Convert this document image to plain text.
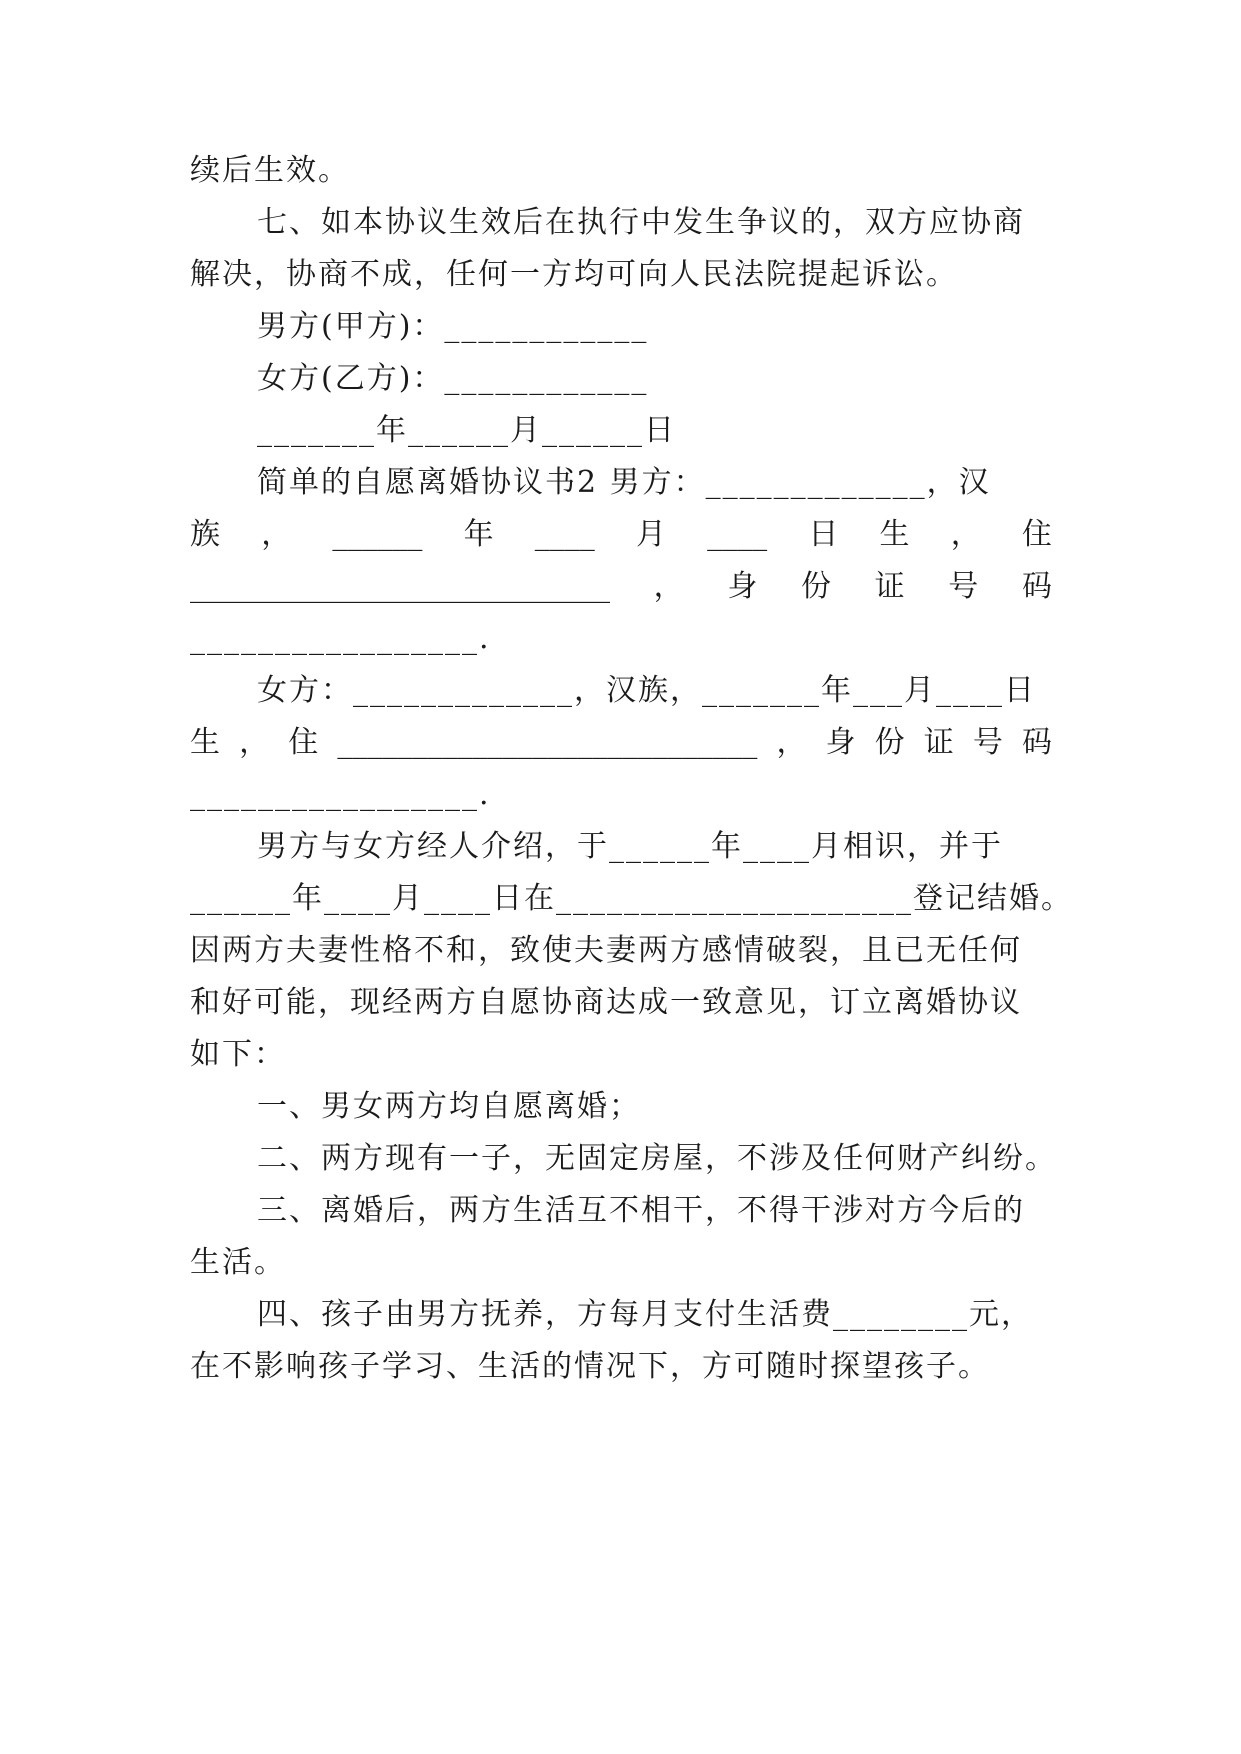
续后生效。
七、如本协议生效后在执行中发生争议的，双方应协商
解决，协商不成，任何一方均可向人民法院提起诉讼。
男方(甲方)：____________
女方(乙方)：____________
_______年______月______日
简单的自愿离婚协议书2 男方：_____________，汉
族 ， ______ 年 ____ 月 ____ 日 生 ， 住
____________________________ ， 身 份 证 号 码
_________________.
女方：_____________，汉族，_______年___月____日
生 ， 住 ____________________________ ， 身 份 证 号 码
_________________.
男方与女方经人介绍，于______年____月相识，并于
______年____月____日在_____________________登记结婚。
因两方夫妻性格不和，致使夫妻两方感情破裂，且已无任何
和好可能，现经两方自愿协商达成一致意见，订立离婚协议
如下：
一、男女两方均自愿离婚；
二、两方现有一子，无固定房屋，不涉及任何财产纠纷。
三、离婚后，两方生活互不相干，不得干涉对方今后的
生活。
四、孩子由男方抚养，方每月支付生活费________元，
在不影响孩子学习、生活的情况下，方可随时探望孩子。
